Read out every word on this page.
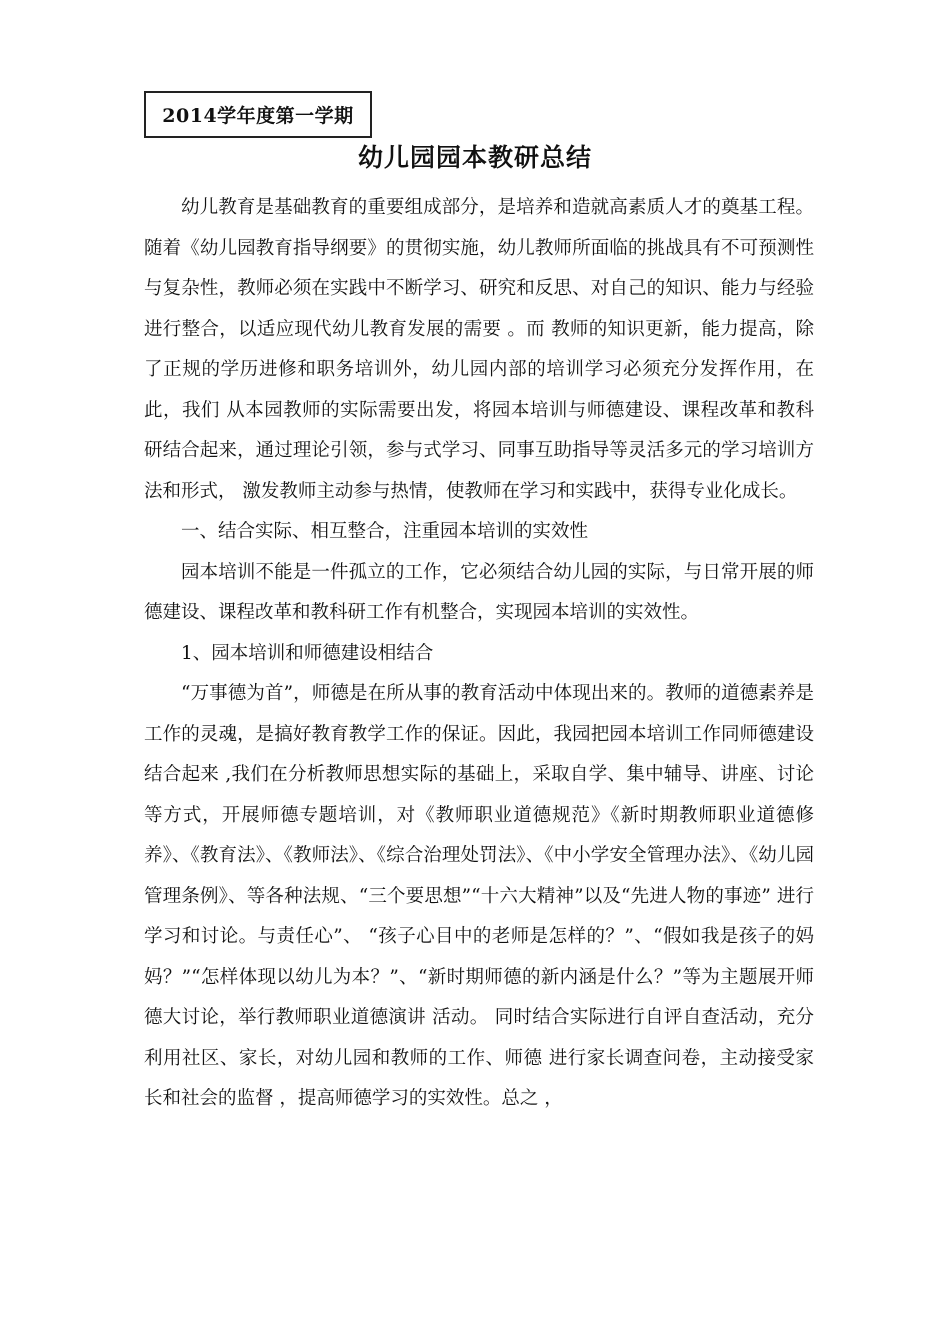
2014学年度第一学期
幼儿园园本教研总结

幼儿教育是基础教育的重要组成部分，是培养和造就高素质人才的奠基工程。随着《幼儿园教育指导纲要》的贯彻实施，幼儿教师所面临的挑战具有不可预测性与复杂性，教师必须在实践中不断学习、研究和反思、对自己的知识、能力与经验进行整合，以适应现代幼儿教育发展的需要 。而 教师的知识更新，能力提高，除了正规的学历进修和职务培训外，幼儿园内部的培训学习必须充分发挥作用，在此，我们 从本园教师的实际需要出发，将园本培训与师德建设、课程改革和教科研结合起来，通过理论引领，参与式学习、同事互助指导等灵活多元的学习培训方法和形式， 激发教师主动参与热情，使教师在学习和实践中，获得专业化成长。

一、结合实际、相互整合，注重园本培训的实效性

园本培训不能是一件孤立的工作，它必须结合幼儿园的实际，与日常开展的师德建设、课程改革和教科研工作有机整合，实现园本培训的实效性。

1、园本培训和师德建设相结合

“万事德为首”，师德是在所从事的教育活动中体现出来的。教师的道德素养是工作的灵魂，是搞好教育教学工作的保证。因此，我园把园本培训工作同师德建设结合起来 ,我们在分析教师思想实际的基础上，采取自学、集中辅导、讲座、讨论等方式，开展师德专题培训，对《教师职业道德规范》《新时期教师职业道德修养》、《教育法》、《教师法》、《综合治理处罚法》、《中小学安全管理办法》、《幼儿园管理条例》、等各种法规、“三个要思想”“十六大精神”以及“先进人物的事迹” 进行学习和讨论。与责任心”、 “孩子心目中的老师是怎样的？”、“假如我是孩子的妈妈？”“怎样体现以幼儿为本？”、“新时期师德的新内涵是什么？”等为主题展开师德大讨论，举行教师职业道德演讲 活动。 同时结合实际进行自评自查活动，充分利用社区、家长，对幼儿园和教师的工作、师德 进行家长调查问卷，主动接受家长和社会的监督 ，提高师德学习的实效性。总之 ，
